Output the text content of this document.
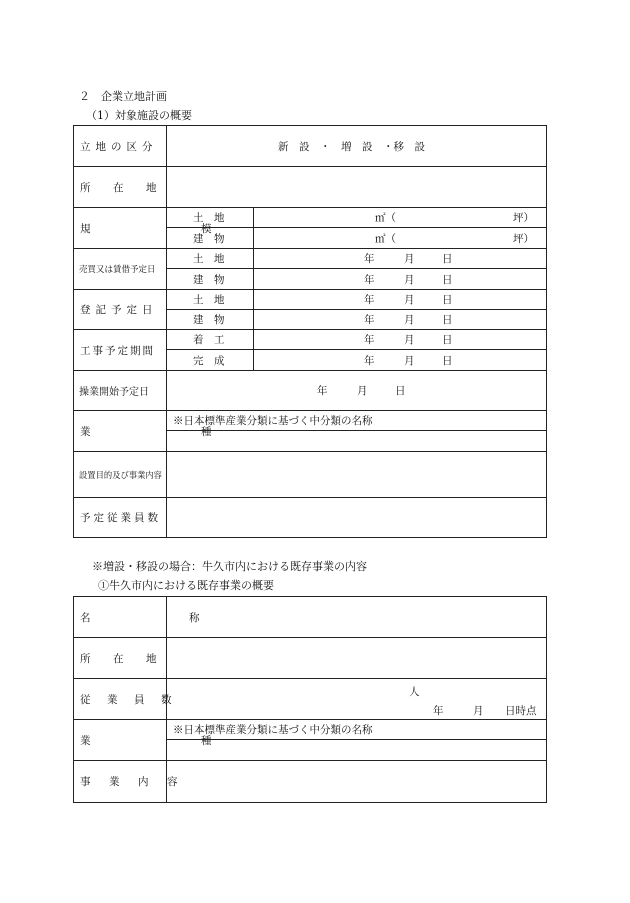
２　企業立地計画
（1）対象施設の概要
立地の区分	新　設　・　増　設　・移　設	

所　在　地		

規　模	土　地	㎡（ 坪）

	建　物	㎡（ 坪）

売買又は賃借予定日	土　地	年 月 日

	建　物	年 月 日

登記予定日	土　地	年 月 日

	建　物	年 月 日

工事予定期間	着　工	年 月 日

	完　成	年 月 日

操業開始予定日	年 月 日	

業　種	※日本標準産業分類に基づく中分類の名称	

設置目的及び事業内容		

予定従業員数		

※増設・移設の場合：牛久市内における既存事業の内容
①牛久市内における既存事業の概要
名　称	

所　在　地	

従　業　員　数	人
年 月 日時点

業　種	※日本標準産業分類に基づく中分類の名称

事　業　内　容	
